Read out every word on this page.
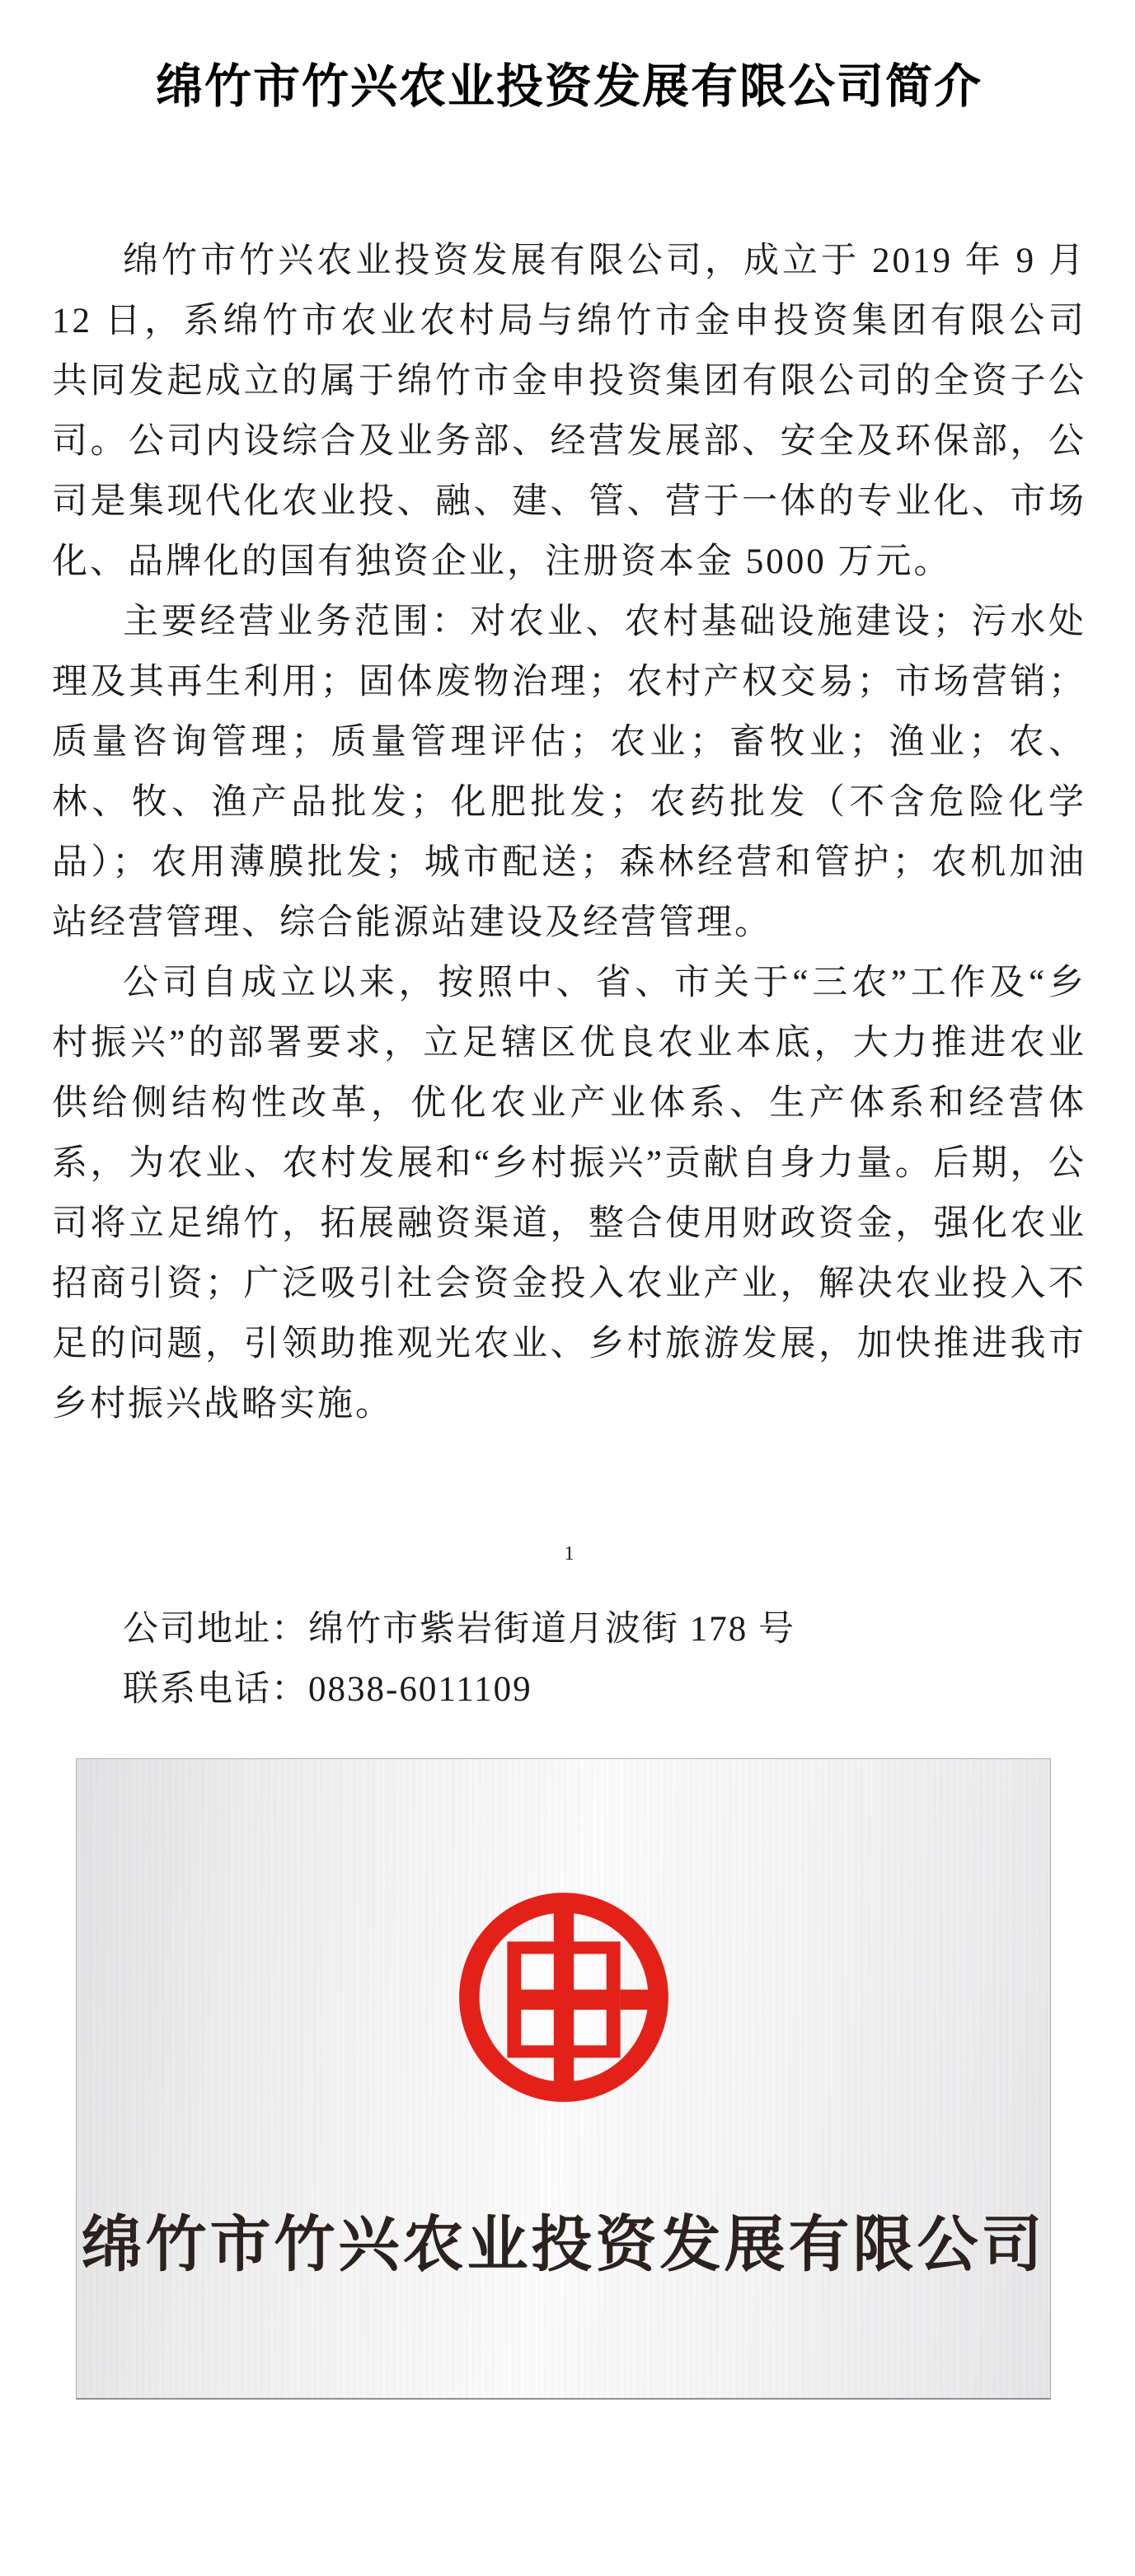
绵竹市竹兴农业投资发展有限公司简介

绵竹市竹兴农业投资发展有限公司，成立于 2019 年 9 月 12 日，系绵竹市农业农村局与绵竹市金申投资集团有限公司共同发起成立的属于绵竹市金申投资集团有限公司的全资子公司。公司内设综合及业务部、经营发展部、安全及环保部，公司是集现代化农业投、融、建、管、营于一体的专业化、市场化、品牌化的国有独资企业，注册资本金 5000 万元。

主要经营业务范围：对农业、农村基础设施建设；污水处理及其再生利用；固体废物治理；农村产权交易；市场营销；质量咨询管理；质量管理评估；农业；畜牧业；渔业；农、林、牧、渔产品批发；化肥批发；农药批发（不含危险化学品）；农用薄膜批发；城市配送；森林经营和管护；农机加油站经营管理、综合能源站建设及经营管理。

公司自成立以来，按照中、省、市关于“三农”工作及“乡村振兴”的部署要求，立足辖区优良农业本底，大力推进农业供给侧结构性改革，优化农业产业体系、生产体系和经营体系，为农业、农村发展和“乡村振兴”贡献自身力量。后期，公司将立足绵竹，拓展融资渠道，整合使用财政资金，强化农业招商引资；广泛吸引社会资金投入农业产业，解决农业投入不足的问题，引领助推观光农业、乡村旅游发展，加快推进我市乡村振兴战略实施。

1

公司地址：绵竹市紫岩街道月波街 178 号

联系电话：0838-6011109

绵竹市竹兴农业投资发展有限公司
